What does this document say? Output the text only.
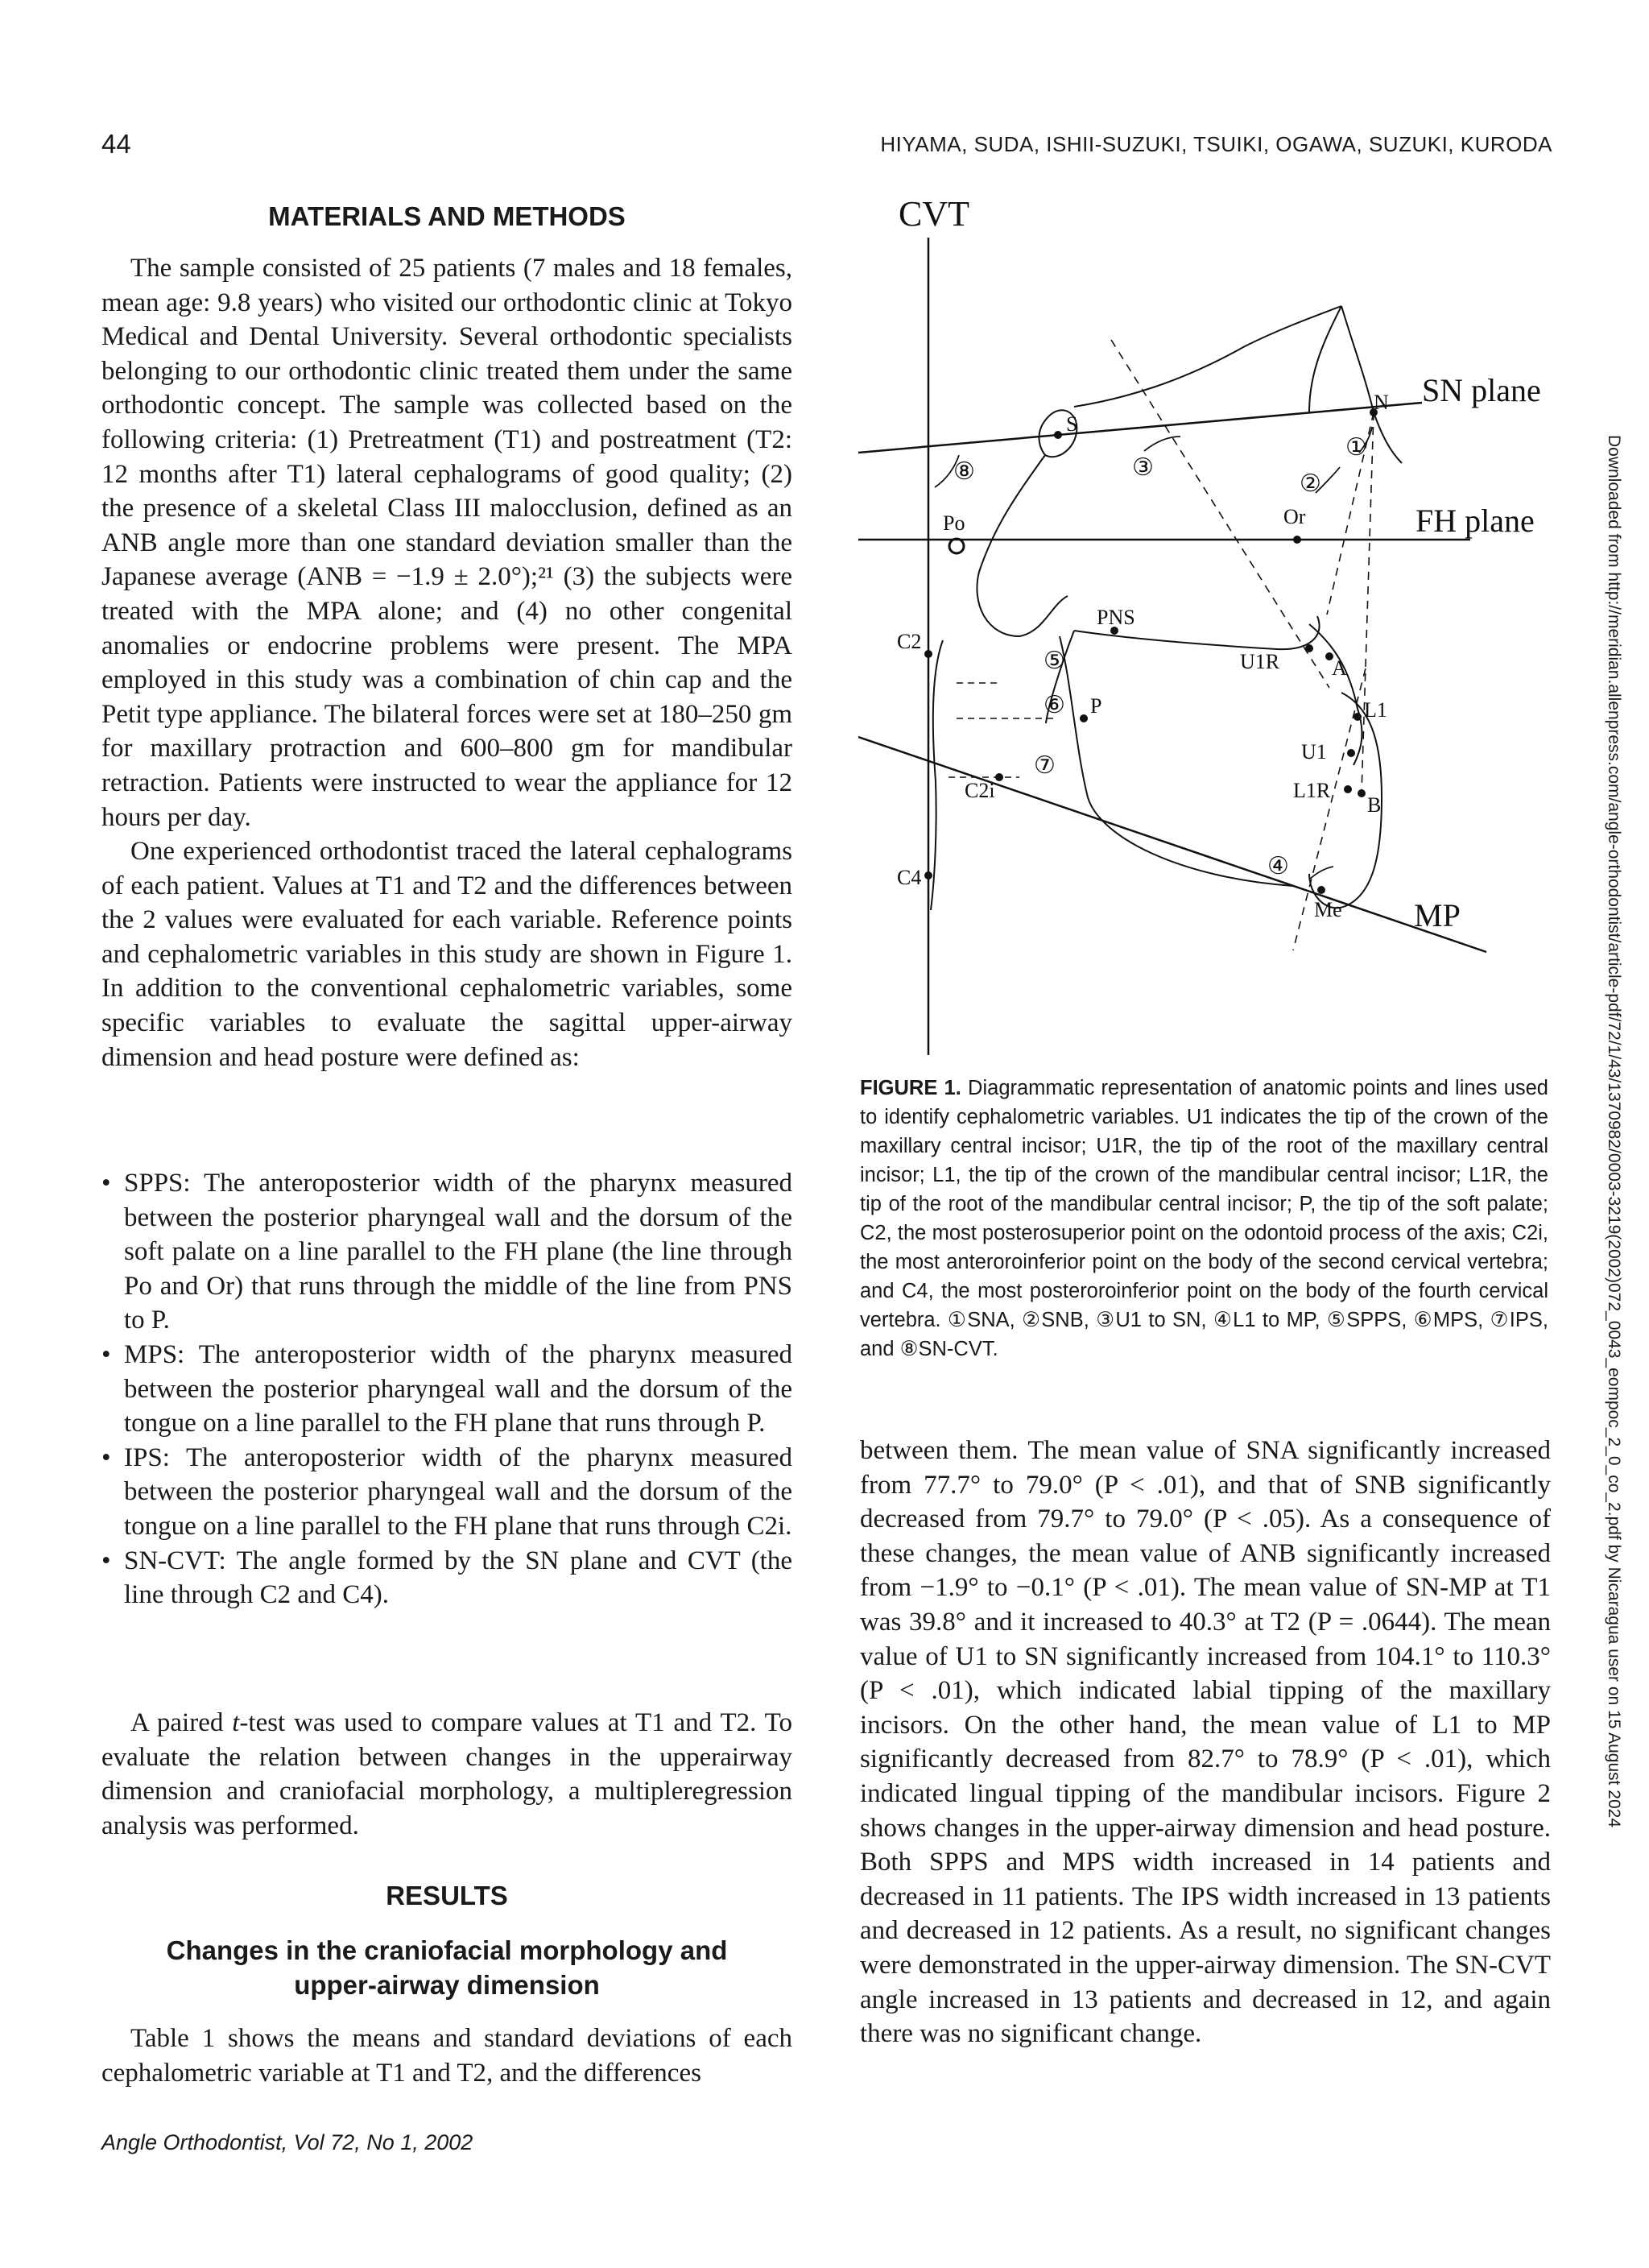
44	HIYAMA, SUDA, ISHII-SUZUKI, TSUIKI, OGAWA, SUZUKI, KURODA
MATERIALS AND METHODS

The sample consisted of 25 patients (7 males and 18 females, mean age: 9.8 years) who visited our orthodontic clinic at Tokyo Medical and Dental University. Several orthodontic specialists belonging to our orthodontic clinic treated them under the same orthodontic concept. The sample was collected based on the following criteria: (1) Pretreatment (T1) and postreatment (T2: 12 months after T1) lateral cephalograms of good quality; (2) the presence of a skeletal Class III malocclusion, defined as an ANB angle more than one standard deviation smaller than the Japanese average (ANB = −1.9 ± 2.0°);²¹ (3) the subjects were treated with the MPA alone; and (4) no other congenital anomalies or endocrine problems were present. The MPA employed in this study was a combination of chin cap and the Petit type appliance. The bilateral forces were set at 180–250 gm for maxillary protraction and 600–800 gm for mandibular retraction. Patients were instructed to wear the appliance for 12 hours per day.

One experienced orthodontist traced the lateral cephalograms of each patient. Values at T1 and T2 and the differences between the 2 values were evaluated for each variable. Reference points and cephalometric variables in this study are shown in Figure 1. In addition to the conventional cephalometric variables, some specific variables to evaluate the sagittal upper-airway dimension and head posture were defined as:

• SPPS: The anteroposterior width of the pharynx measured between the posterior pharyngeal wall and the dorsum of the soft palate on a line parallel to the FH plane (the line through Po and Or) that runs through the middle of the line from PNS to P.
• MPS: The anteroposterior width of the pharynx measured between the posterior pharyngeal wall and the dorsum of the tongue on a line parallel to the FH plane that runs through P.
• IPS: The anteroposterior width of the pharynx measured between the posterior pharyngeal wall and the dorsum of the tongue on a line parallel to the FH plane that runs through C2i.
• SN-CVT: The angle formed by the SN plane and CVT (the line through C2 and C4).

A paired t-test was used to compare values at T1 and T2. To evaluate the relation between changes in the upperairway dimension and craniofacial morphology, a multipleregression analysis was performed.

RESULTS
Changes in the craniofacial morphology and
upper-airway dimension

Table 1 shows the means and standard deviations of each cephalometric variable at T1 and T2, and the differences

CVT
SN plane
FH plane
MP
S
N
Po	Or
PNS
A
U1R
L1
U1
L1R
B
Me
C2
C2i
C4
P
①
②
③
④
⑤
⑥
⑦
⑧
FIGURE 1. Diagrammatic representation of anatomic points and lines used to identify cephalometric variables. U1 indicates the tip of the crown of the maxillary central incisor; U1R, the tip of the root of the maxillary central incisor; L1, the tip of the crown of the mandibular central incisor; L1R, the tip of the root of the mandibular central incisor; P, the tip of the soft palate; C2, the most posterosuperior point on the odontoid process of the axis; C2i, the most anteroroinferior point on the body of the second cervical vertebra; and C4, the most posteroroinferior point on the body of the fourth cervical vertebra. ①SNA, ②SNB, ③U1 to SN, ④L1 to MP, ⑤SPPS, ⑥MPS, ⑦IPS, and ⑧SN-CVT.

between them. The mean value of SNA significantly increased from 77.7° to 79.0° (P < .01), and that of SNB significantly decreased from 79.7° to 79.0° (P < .05). As a consequence of these changes, the mean value of ANB significantly increased from −1.9° to −0.1° (P < .01). The mean value of SN-MP at T1 was 39.8° and it increased to 40.3° at T2 (P = .0644). The mean value of U1 to SN significantly increased from 104.1° to 110.3° (P < .01), which indicated labial tipping of the maxillary incisors. On the other hand, the mean value of L1 to MP significantly decreased from 82.7° to 78.9° (P < .01), which indicated lingual tipping of the mandibular incisors. Figure 2 shows changes in the upper-airway dimension and head posture. Both SPPS and MPS width increased in 14 patients and decreased in 11 patients. The IPS width increased in 13 patients and decreased in 12 patients. As a result, no significant changes were demonstrated in the upper-airway dimension. The SN-CVT angle increased in 13 patients and decreased in 12, and again there was no significant change.

Angle Orthodontist, Vol 72, No 1, 2002
Downloaded from http://meridian.allenpress.com/angle-orthodontist/article-pdf/72/1/43/1370982/0003-3219(2002)072_0043_eompoc_2_0_co_2.pdf by Nicaragua user on 15 August 2024
